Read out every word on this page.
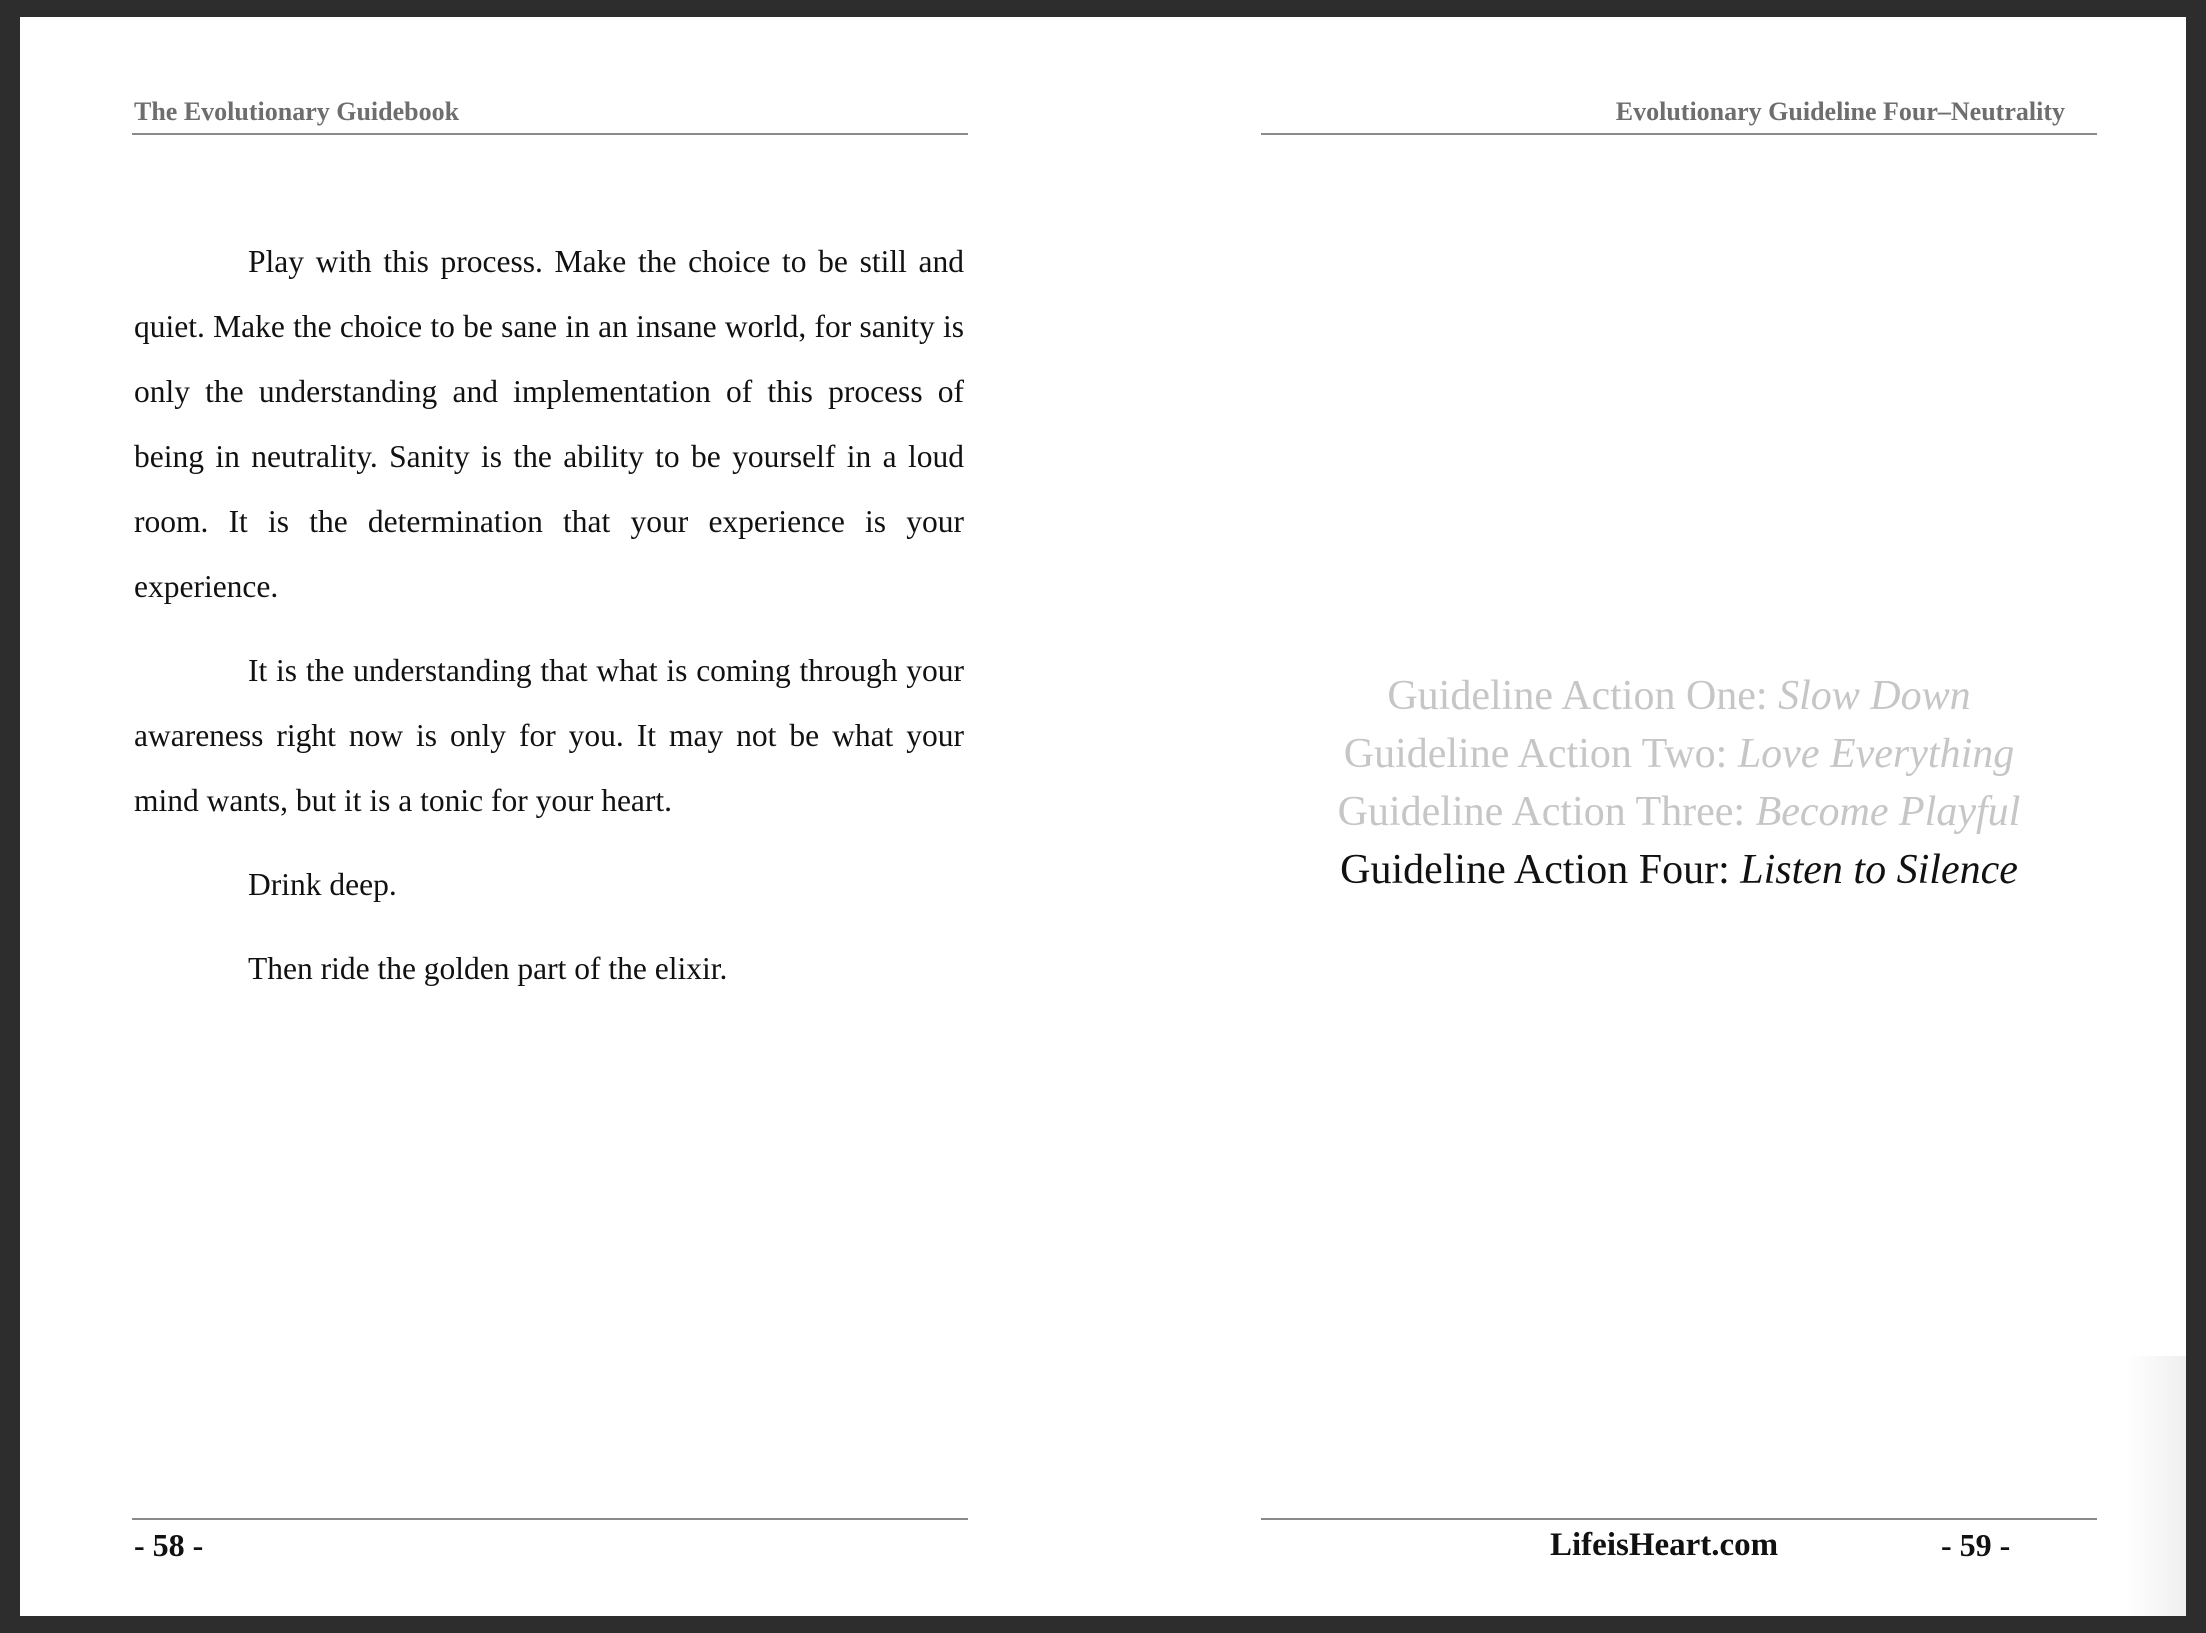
The Evolutionary Guidebook

Play with this process. Make the choice to be still and quiet. Make the choice to be sane in an insane world, for sanity is only the understanding and implementation of this process of being in neutrality. Sanity is the ability to be yourself in a loud room. It is the determination that your experience is your experience.

It is the understanding that what is coming through your awareness right now is only for you. It may not be what your mind wants, but it is a tonic for your heart.

Drink deep.

Then ride the golden part of the elixir.

- 58 -
Evolutionary Guideline Four–Neutrality
Guideline Action One: Slow Down
Guideline Action Two: Love Everything
Guideline Action Three: Become Playful
Guideline Action Four: Listen to Silence
LifeisHeart.com	- 59 -
